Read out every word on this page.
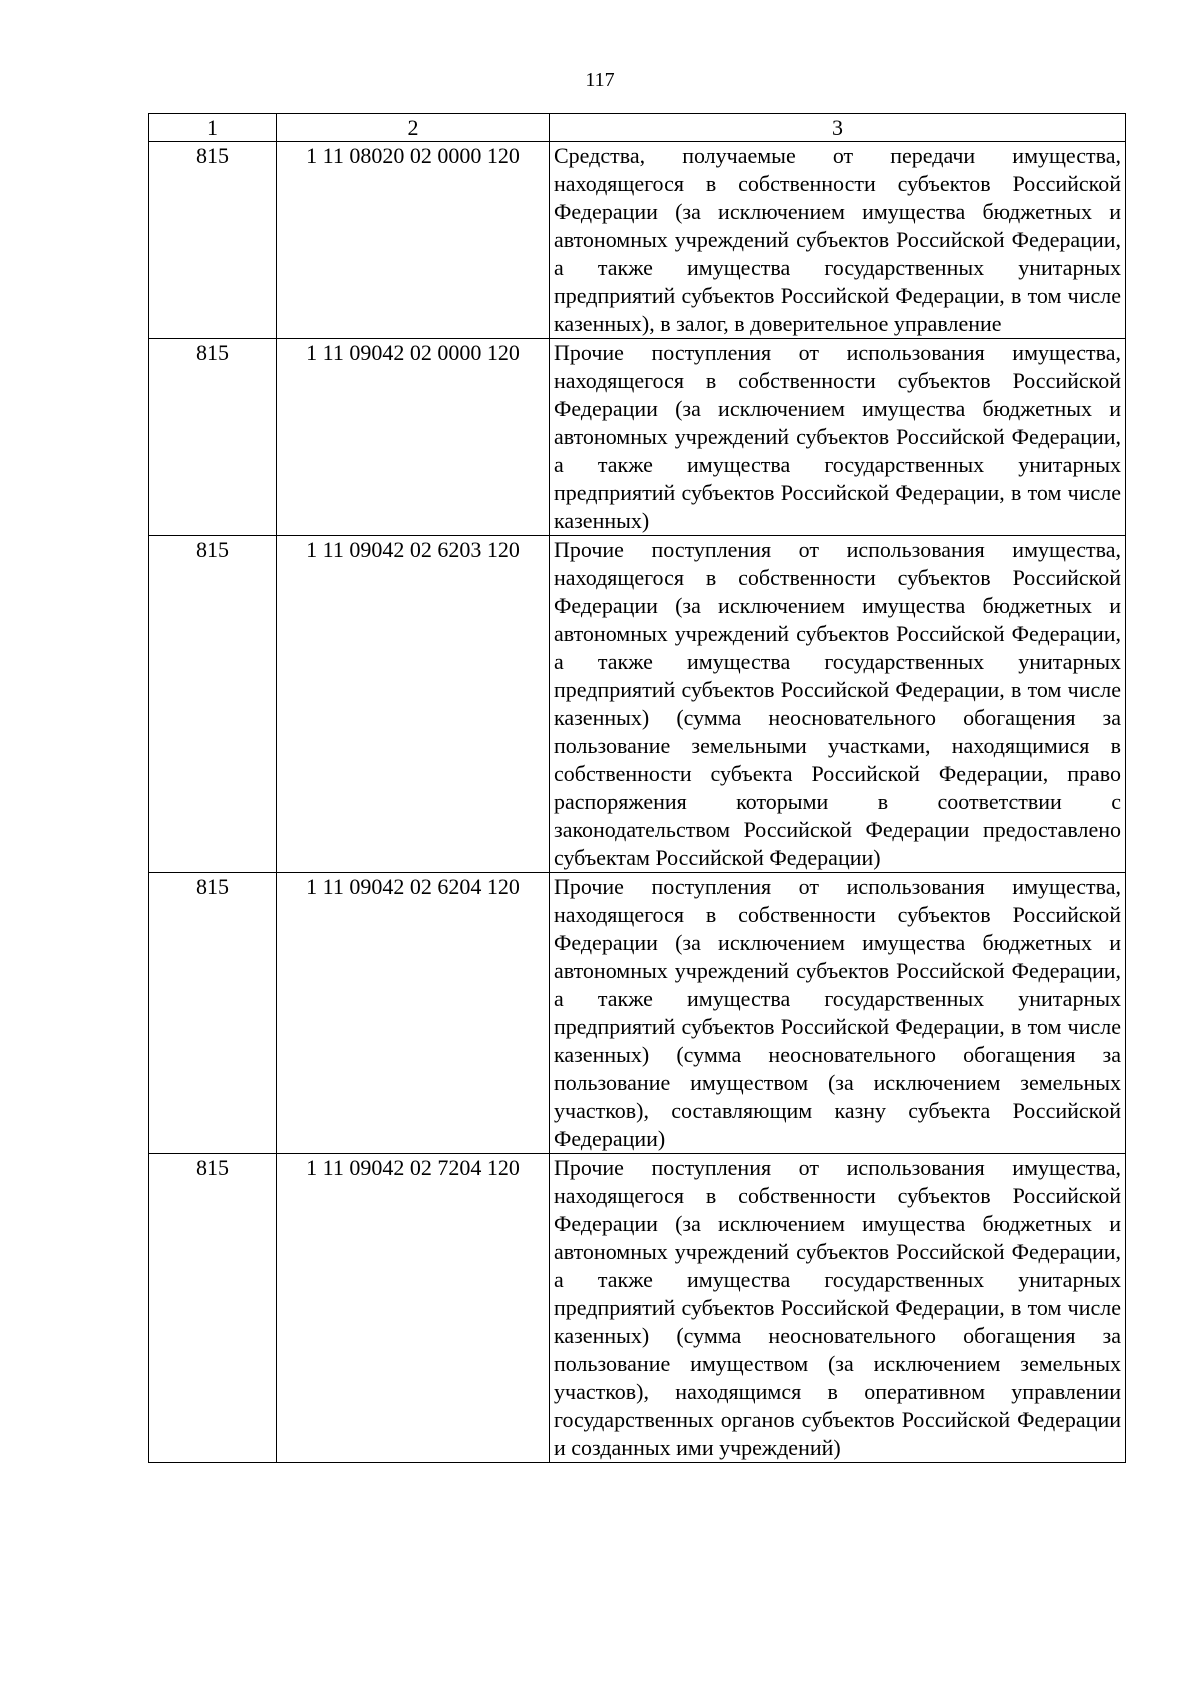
117
1	2	3
815	1 11 08020 02 0000 120	Средства, получаемые от передачи имущества, находящегося в собственности субъектов Российской Федерации (за исключением имущества бюджетных и автономных учреждений субъектов Российской Федерации, а также имущества государственных унитарных предприятий субъектов Российской Федерации, в том числе казенных), в залог, в доверительное управление
815	1 11 09042 02 0000 120	Прочие поступления от использования имущества, находящегося в собственности субъектов Российской Федерации (за исключением имущества бюджетных и автономных учреждений субъектов Российской Федерации, а также имущества государственных унитарных предприятий субъектов Российской Федерации, в том числе казенных)
815	1 11 09042 02 6203 120	Прочие поступления от использования имущества, находящегося в собственности субъектов Российской Федерации (за исключением имущества бюджетных и автономных учреждений субъектов Российской Федерации, а также имущества государственных унитарных предприятий субъектов Российской Федерации, в том числе казенных) (сумма неосновательного обогащения за пользование земельными участками, находящимися в собственности субъекта Российской Федерации, право распоряжения которыми в соответствии с законодательством Российской Федерации предоставлено субъектам Российской Федерации)
815	1 11 09042 02 6204 120	Прочие поступления от использования имущества, находящегося в собственности субъектов Российской Федерации (за исключением имущества бюджетных и автономных учреждений субъектов Российской Федерации, а также имущества государственных унитарных предприятий субъектов Российской Федерации, в том числе казенных) (сумма неосновательного обогащения за пользование имуществом (за исключением земельных участков), составляющим казну субъекта Российской Федерации)
815	1 11 09042 02 7204 120	Прочие поступления от использования имущества, находящегося в собственности субъектов Российской Федерации (за исключением имущества бюджетных и автономных учреждений субъектов Российской Федерации, а также имущества государственных унитарных предприятий субъектов Российской Федерации, в том числе казенных) (сумма неосновательного обогащения за пользование имуществом (за исключением земельных участков), находящимся в оперативном управлении государственных органов субъектов Российской Федерации и созданных ими учреждений)
